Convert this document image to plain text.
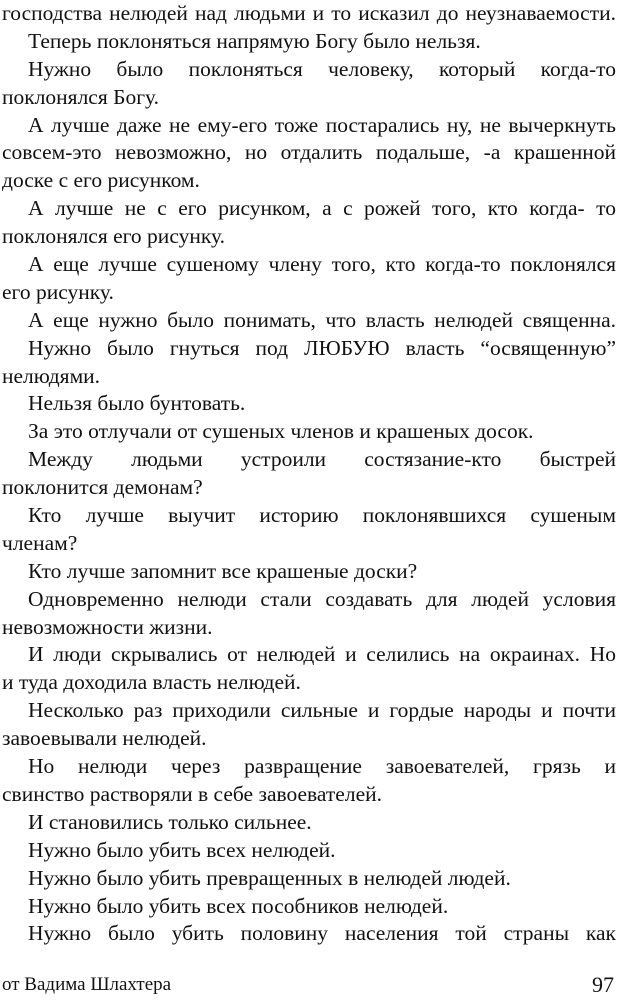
господства нелюдей над людьми и то исказил до неузнаваемости.
Теперь поклоняться напрямую Богу было нельзя.
Нужно было поклоняться человеку, который когда-то
поклонялся Богу.
А лучше даже не ему-его тоже постарались ну, не вычеркнуть
совсем-это невозможно, но отдалить подальше, -а крашенной
доске с его рисунком.
А лучше не с его рисунком, а с рожей того, кто когда- то
поклонялся его рисунку.
А еще лучше сушеному члену того, кто когда-то поклонялся
его рисунку.
А еще нужно было понимать, что власть нелюдей священна.
Нужно было гнуться под ЛЮБУЮ власть “освященную”
нелюдями.
Нельзя было бунтовать.
За это отлучали от сушеных членов и крашеных досок.
Между людьми устроили состязание-кто быстрей
поклонится демонам?
Кто лучше выучит историю поклонявшихся сушеным
членам?
Кто лучше запомнит все крашеные доски?
Одновременно нелюди стали создавать для людей условия
невозможности жизни.
И люди скрывались от нелюдей и селились на окраинах. Но
и туда доходила власть нелюдей.
Несколько раз приходили сильные и гордые народы и почти
завоевывали нелюдей.
Но нелюди через развращение завоевателей, грязь и
свинство растворяли в себе завоевателей.
И становились только сильнее.
Нужно было убить всех нелюдей.
Нужно было убить превращенных в нелюдей людей.
Нужно было убить всех пособников нелюдей.
Нужно было убить половину населения той страны как
от Вадима Шлахтера	97
